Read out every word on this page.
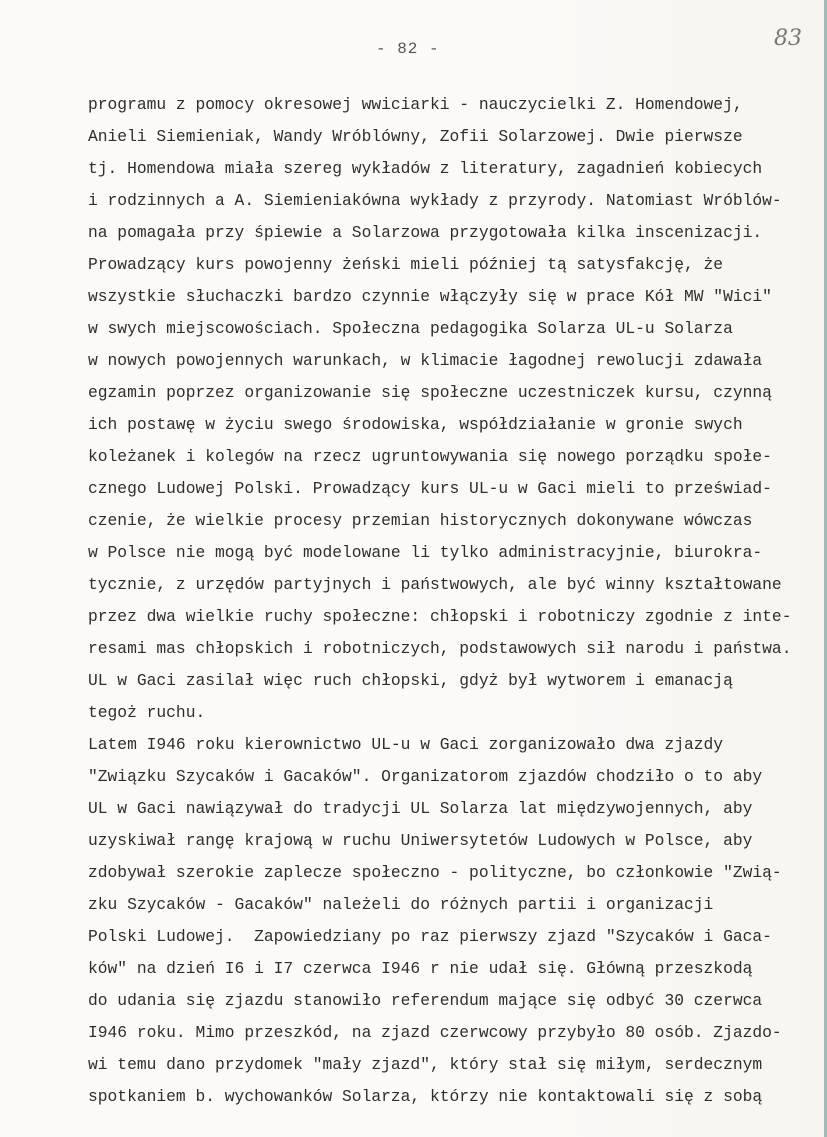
- 82 -	83
programu z pomocy okresowej wwiciarki - nauczycielki Z. Homendowej,
Anieli Siemieniak, Wandy Wróblówny, Zofii Solarzowej. Dwie pierwsze
tj. Homendowa miała szereg wykładów z literatury, zagadnień kobiecych
i rodzinnych a A. Siemieniakówna wykłady z przyrody. Natomiast Wróblów-
na pomagała przy śpiewie a Solarzowa przygotowała kilka inscenizacji.
Prowadzący kurs powojenny żeński mieli później tą satysfakcję, że
wszystkie słuchaczki bardzo czynnie włączyły się w prace Kół MW "Wici"
w swych miejscowościach. Społeczna pedagogika Solarza UL-u Solarza
w nowych powojennych warunkach, w klimacie łagodnej rewolucji zdawała
egzamin poprzez organizowanie się społeczne uczestniczek kursu, czynną
ich postawę w życiu swego środowiska, współdziałanie w gronie swych
koleżanek i kolegów na rzecz ugruntowywania się nowego porządku społe-
cznego Ludowej Polski. Prowadzący kurs UL-u w Gaci mieli to przeświad-
czenie, że wielkie procesy przemian historycznych dokonywane wówczas
w Polsce nie mogą być modelowane li tylko administracyjnie, biurokra-
tycznie, z urzędów partyjnych i państwowych, ale być winny kształtowane
przez dwa wielkie ruchy społeczne: chłopski i robotniczy zgodnie z inte-
resami mas chłopskich i robotniczych, podstawowych sił narodu i państwa.
UL w Gaci zasilał więc ruch chłopski, gdyż był wytworem i emanacją
tegoż ruchu.
Latem I946 roku kierownictwo UL-u w Gaci zorganizowało dwa zjazdy
"Związku Szycaków i Gacaków". Organizatorom zjazdów chodziło o to aby
UL w Gaci nawiązywał do tradycji UL Solarza lat międzywojennych, aby
uzyskiwał rangę krajową w ruchu Uniwersytetów Ludowych w Polsce, aby
zdobywał szerokie zaplecze społeczno - polityczne, bo członkowie "Zwią-
zku Szycaków - Gacaków" należeli do różnych partii i organizacji
Polski Ludowej.  Zapowiedziany po raz pierwszy zjazd "Szycaków i Gaca-
ków" na dzień I6 i I7 czerwca I946 r nie udał się. Główną przeszkodą
do udania się zjazdu stanowiło referendum mające się odbyć 30 czerwca
I946 roku. Mimo przeszkód, na zjazd czerwcowy przybyło 80 osób. Zjazdo-
wi temu dano przydomek "mały zjazd", który stał się miłym, serdecznym
spotkaniem b. wychowanków Solarza, którzy nie kontaktowali się z sobą
